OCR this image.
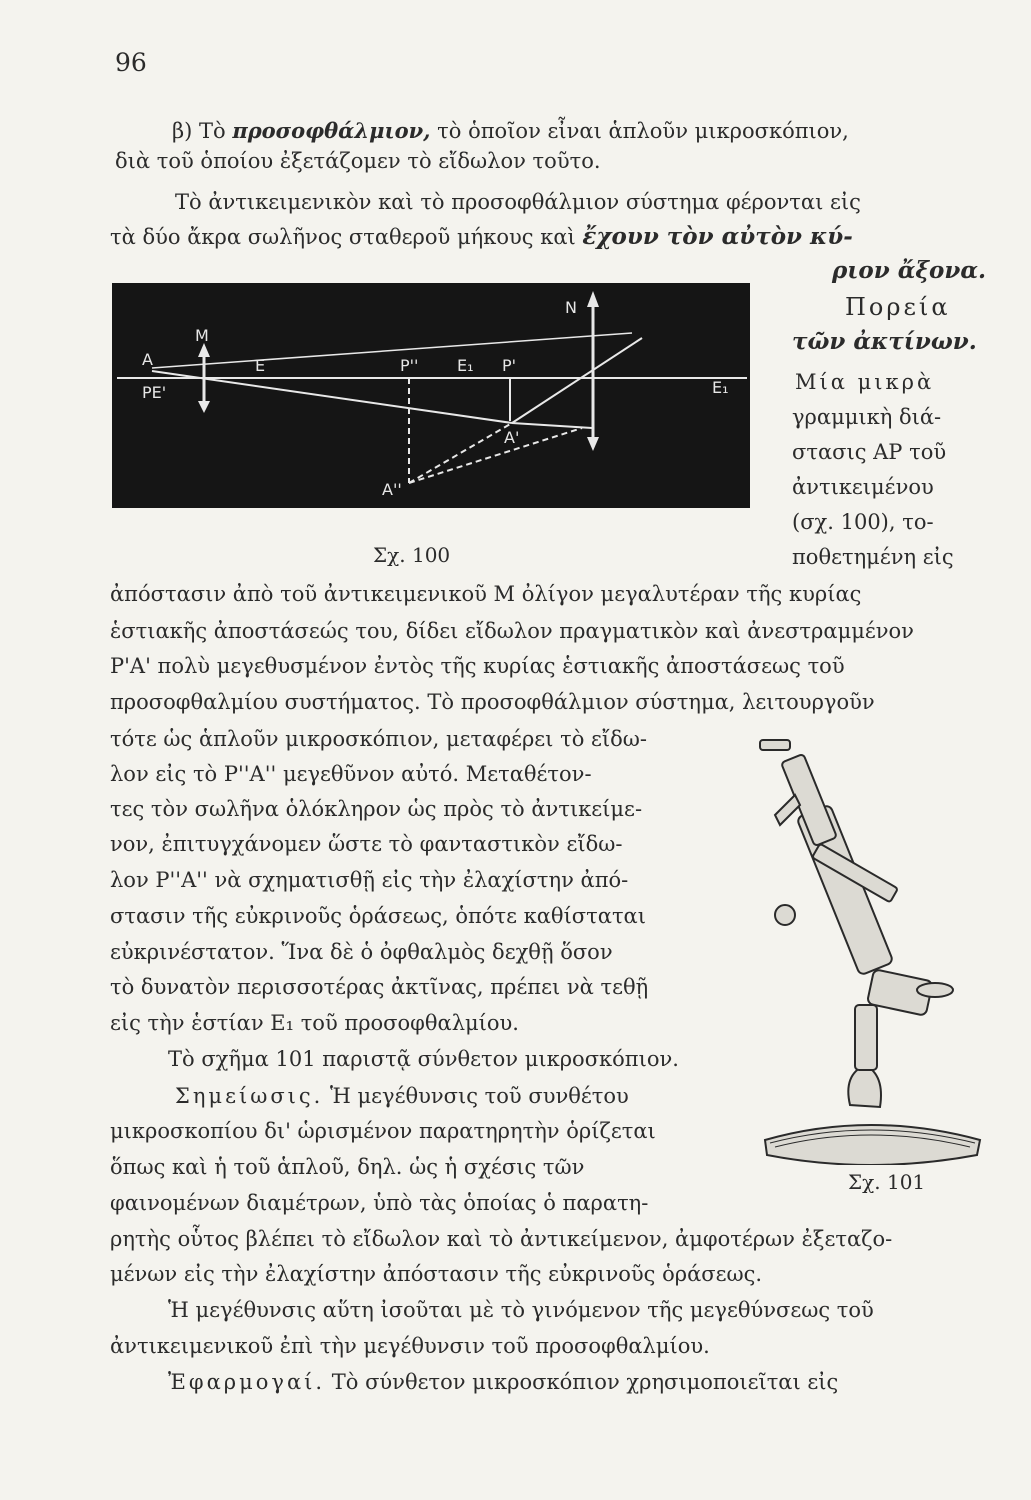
96
β) Τὸ προσοφθάλμιον, τὸ ὁποῖον εἶναι ἁπλοῦν μικροσκόπιον,
διὰ τοῦ ὁποίου ἐξετάζομεν τὸ εἴδωλον τοῦτο.
Τὸ ἀντικειμενικὸν καὶ τὸ προσοφθάλμιον σύστημα φέρονται εἰς
τὰ δύο ἄκρα σωλῆνος σταθεροῦ μήκους καὶ ἔχουν τὸν αὐτὸν κύ-
ριον ἄξονα.
Πορεία
τῶν ἀκτίνων.
Μία μικρὰ
γραμμικὴ διά-
στασις ΑΡ τοῦ
ἀντικειμένου
(σχ. 100), το-
ποθετημένη εἰς
A
PE'
M
E	P'' E₁ P'
N
A'
A''
E₁
Σχ. 100
ἀπόστασιν ἀπὸ τοῦ ἀντικειμενικοῦ Μ ὀλίγον μεγαλυτέραν τῆς κυρίας
ἑστιακῆς ἀποστάσεώς του, δίδει εἴδωλον πραγματικὸν καὶ ἀνεστραμμένον
Ρ'Α' πολὺ μεγεθυσμένον ἐντὸς τῆς κυρίας ἑστιακῆς ἀποστάσεως τοῦ
προσοφθαλμίου συστήματος. Τὸ προσοφθάλμιον σύστημα, λειτουργοῦν
τότε ὡς ἁπλοῦν μικροσκόπιον, μεταφέρει τὸ εἴδω-
λον εἰς τὸ Ρ''Α'' μεγεθῦνον αὐτό. Μεταθέτον-
τες τὸν σωλῆνα ὁλόκληρον ὡς πρὸς τὸ ἀντικείμε-
νον, ἐπιτυγχάνομεν ὥστε τὸ φανταστικὸν εἴδω-
λον Ρ''Α'' νὰ σχηματισθῇ εἰς τὴν ἐλαχίστην ἀπό-
στασιν τῆς εὐκρινοῦς ὁράσεως, ὁπότε καθίσταται
εὐκρινέστατον. Ἵνα δὲ ὁ ὀφθαλμὸς δεχθῇ ὅσον
τὸ δυνατὸν περισσοτέρας ἀκτῖνας, πρέπει νὰ τεθῇ
εἰς τὴν ἑστίαν Ε₁ τοῦ προσοφθαλμίου.
Τὸ σχῆμα 101 παριστᾷ σύνθετον μικροσκόπιον.
Σημείωσις. Ἡ μεγέθυνσις τοῦ συνθέτου
μικροσκοπίου δι' ὡρισμένον παρατηρητὴν ὁρίζεται
ὅπως καὶ ἡ τοῦ ἁπλοῦ, δηλ. ὡς ἡ σχέσις τῶν
φαινομένων διαμέτρων, ὑπὸ τὰς ὁποίας ὁ παρατη-
ρητὴς οὗτος βλέπει τὸ εἴδωλον καὶ τὸ ἀντικείμενον, ἀμφοτέρων ἐξεταζο-
μένων εἰς τὴν ἐλαχίστην ἀπόστασιν τῆς εὐκρινοῦς ὁράσεως.
Ἡ μεγέθυνσις αὕτη ἰσοῦται μὲ τὸ γινόμενον τῆς μεγεθύνσεως τοῦ
ἀντικειμενικοῦ ἐπὶ τὴν μεγέθυνσιν τοῦ προσοφθαλμίου.
Ἐφαρμογαί. Τὸ σύνθετον μικροσκόπιον χρησιμοποιεῖται εἰς
Σχ. 101
